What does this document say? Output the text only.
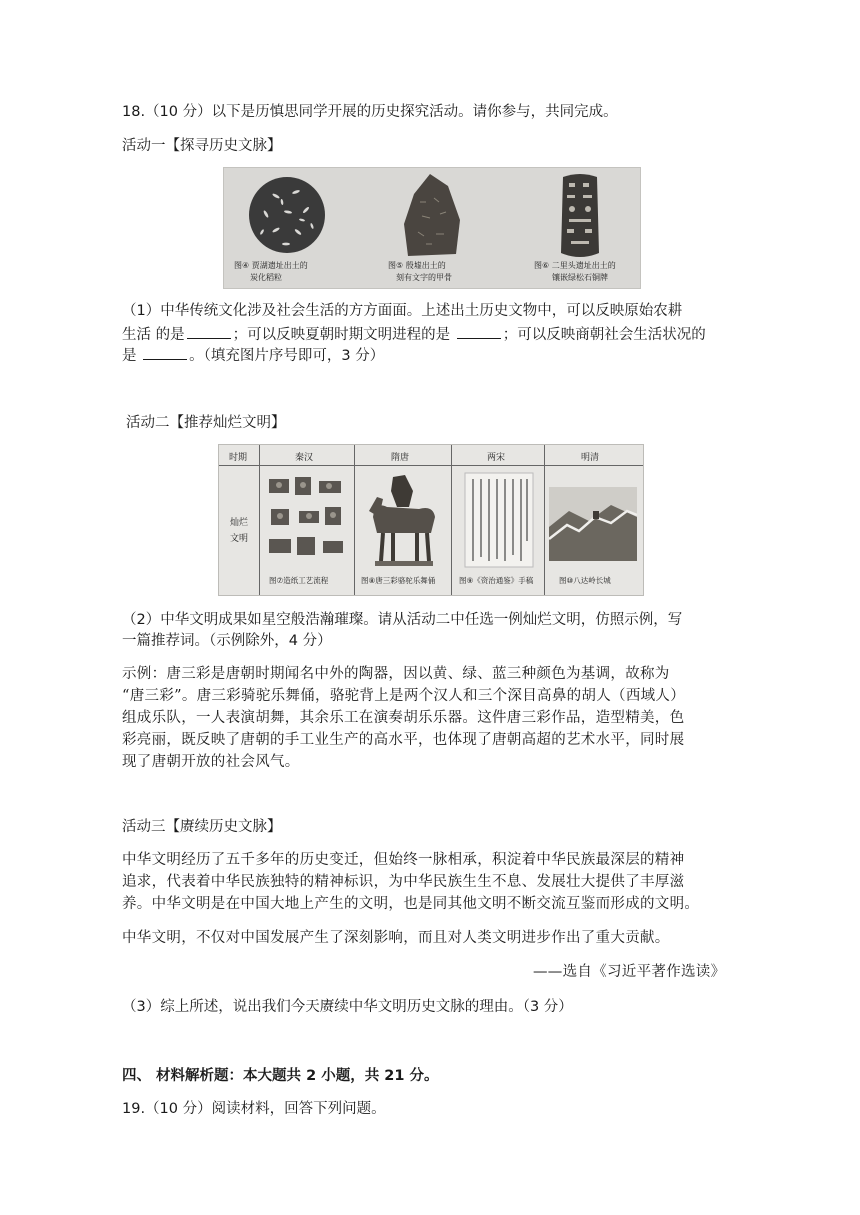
18.（10 分）以下是历慎思同学开展的历史探究活动。请你参与，共同完成。
活动一【探寻历史文脉】
图④ 贾湖遗址出土的
炭化稻粒
图⑤ 殷墟出土的
刻有文字的甲骨
图⑥ 二里头遗址出土的
镶嵌绿松石铜牌
（1）中华传统文化涉及社会生活的方方面面。上述出土历史文物中，可以反映原始农耕
生活 的是	；可以反映夏朝时期文明进程的是	；可以反映商朝社会生活状况的
是	。（填充图片序号即可，3 分）
活动二【推荐灿烂文明】
时期	秦汉	隋唐	两宋	明清
灿烂
文明
图⑦造纸工艺流程	图⑧唐三彩骆驼乐舞俑	图⑨《资治通鉴》手稿	图⑩八达岭长城
（2）中华文明成果如星空般浩瀚璀璨。请从活动二中任选一例灿烂文明，仿照示例，写
一篇推荐词。（示例除外，4 分）
示例：唐三彩是唐朝时期闻名中外的陶器，因以黄、绿、蓝三种颜色为基调，故称为
“唐三彩”。唐三彩骑驼乐舞俑，骆驼背上是两个汉人和三个深目高鼻的胡人（西域人）
组成乐队，一人表演胡舞，其余乐工在演奏胡乐乐器。这件唐三彩作品，造型精美，色
彩亮丽，既反映了唐朝的手工业生产的高水平，也体现了唐朝高超的艺术水平，同时展
现了唐朝开放的社会风气。
活动三【赓续历史文脉】
中华文明经历了五千多年的历史变迁，但始终一脉相承，积淀着中华民族最深层的精神
追求，代表着中华民族独特的精神标识，为中华民族生生不息、发展壮大提供了丰厚滋
养。中华文明是在中国大地上产生的文明，也是同其他文明不断交流互鉴而形成的文明。
中华文明，不仅对中国发展产生了深刻影响，而且对人类文明进步作出了重大贡献。
——选自《习近平著作选读》
（3）综上所述，说出我们今天赓续中华文明历史文脉的理由。（3 分）
四、 材料解析题：本大题共 2 小题，共 21 分。
19.（10 分）阅读材料，回答下列问题。
